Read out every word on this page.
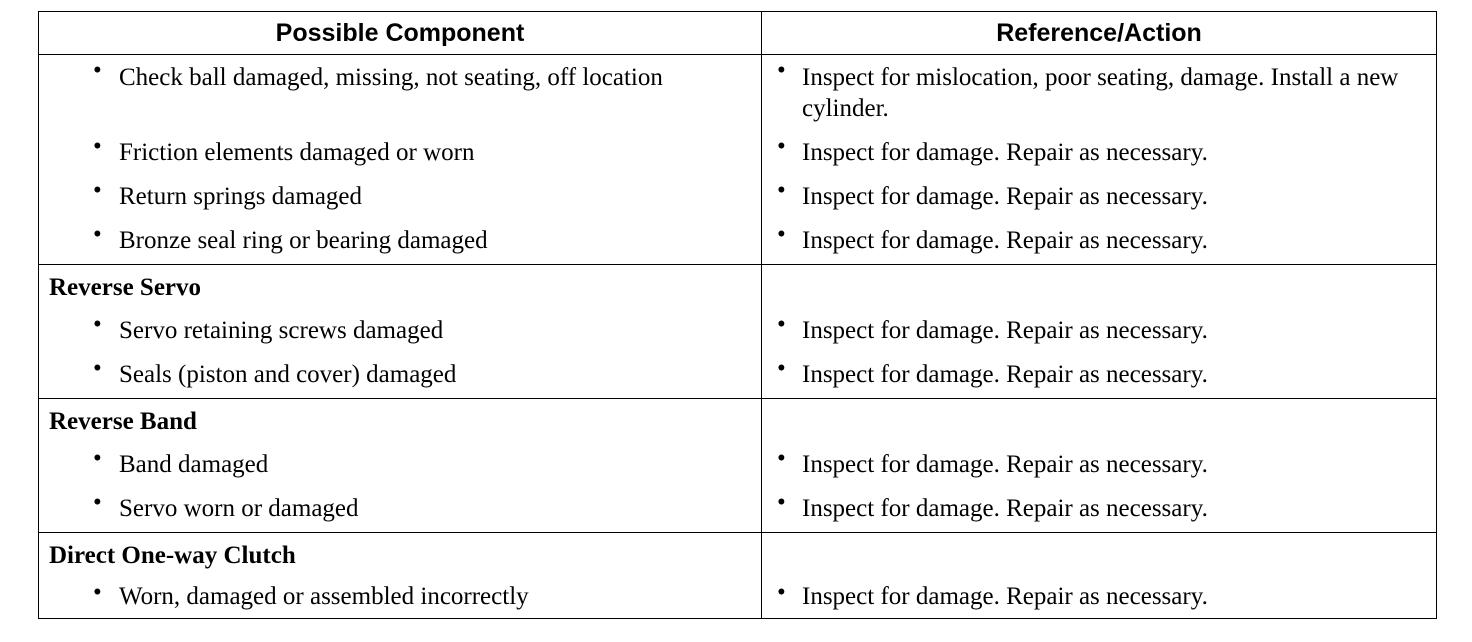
Possible Component	Reference/Action

• Check ball damaged, missing, not seating, off location	• Inspect for mislocation, poor seating, damage. Install a new cylinder.

• Friction elements damaged or worn	• Inspect for damage. Repair as necessary.

• Return springs damaged	• Inspect for damage. Repair as necessary.

• Bronze seal ring or bearing damaged	• Inspect for damage. Repair as necessary.

Reverse Servo	

• Servo retaining screws damaged	• Inspect for damage. Repair as necessary.

• Seals (piston and cover) damaged	• Inspect for damage. Repair as necessary.

Reverse Band	

• Band damaged	• Inspect for damage. Repair as necessary.

• Servo worn or damaged	• Inspect for damage. Repair as necessary.

Direct One-way Clutch	

• Worn, damaged or assembled incorrectly	• Inspect for damage. Repair as necessary.
